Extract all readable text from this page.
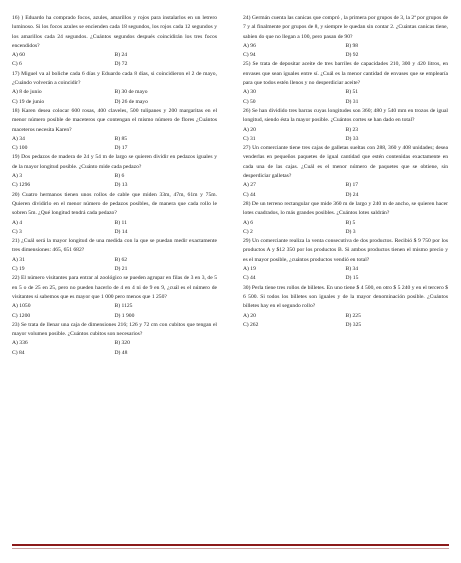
16) ) Eduardo ha comprado focos, azules, amarillos y rojos para instalarlos en un letrero luminoso. Si los focos azules se encienden cada 18 segundos, los rojos cada 12 segundos y los amarillos cada 24 segundos. ¿Cuántos segundos después coincidirán los tres focos encendidos?

A) 60	B) 24
C) 6	D) 72

17) Miguel va al boliche cada 6 días y Eduardo cada 8 días, si coincidieron el 2 de mayo, ¿Cuándo volverán a coincidir?

A) 8 de junio	B) 30 de mayo
C) 19 de junio	D) 26 de mayo

18) Karen desea colocar 600 rosas, 400 claveles, 500 tulipanes y 200 margaritas en el menor número posible de maceteros que contengan el mismo número de flores ¿Cuántos maceteros necesita Karen?

A) 34	B) 85
C) 100	D) 17

19) Dos pedazos de madera de 24 y 54 m de largo se quieren dividir en pedazos iguales y de la mayor longitud posible. ¿Cuánto mide cada pedazo?

A) 3	B) 6
C) 1296	D) 13

20) Cuatro hermanos tienen unos rollos de cable que miden 33m, 47m, 61m y 75m. Quieren dividirlo en el menor número de pedazos posibles, de manera que cada rollo le sobren 5m. ¿Qué longitud tendrá cada pedazo?

A) 4	B) 11
C) 3	D) 14

21) ¿Cuál será la mayor longitud de una medida con la que se puedan medir exactamente tres dimensiones: 465, 651 682?

A) 31	B) 62
C) 19	D) 21

22) El número visitantes para entrar al zoológico se pueden agrupar en filas de 3 en 3, de 5 en 5 o de 25 en 25, pero no pueden hacerlo de 4 en 4 ni de 9 en 9, ¿cuál es el número de visitantes si sabemos que es mayor que 1 000 pero menos que 1 250?

A) 1050	B) 1125
C) 1200	D) 1 900

23) Se trata de llenar una caja de dimensiones 216; 126 y 72 cm con cubitos que tengan el mayor volumen posible. ¿Cuántos cubitos son necesarios?

A) 336	B) 320
C) 84	D) 48

24) Germán cuenta las canicas que compró , la primera por grupos de 3, la 2ª por grupos de 7 y al finalmente por grupos de 8, y siempre le quedan sin contar 2. ¿Cuántas canicas tiene, sabien do que no llegan a 100, pero pasan de 90?

A) 96	B) 98
C) 94	D) 92

25) Se trata de depositar aceite de tres barriles de capacidades 210, 300 y 420 litros, en envases que sean iguales entre sí. ¿Cuál es la menor cantidad de envases que se emplearía para que todos estén llenos y no desperdiciar aceite?

A) 30	B) 51
C) 50	D) 31

26) Se han dividido tres barras cuyas longitudes son 360; 480 y 540 mm en trozos de igual longitud, siendo ésta la mayor posible. ¿Cuántos cortes se han dado en total?

A) 20	B) 23
C) 31	D) 33

27) Un comerciante tiene tres cajas de galletas sueltas con 288, 360 y 408 unidades; desea venderlas en pequeños paquetes de igual cantidad que estén contenidas exactamente en cada una de las cajas. ¿Cuál es el menor número de paquetes que se obtiene, sin desperdiciar galletas?

A) 27	B) 17
C) 44	D) 24

28) De un terreno rectangular que mide 360 m de largo y 240 m de ancho, se quieren hacer lotes cuadrados, lo más grandes posibles. ¿Cuántos lotes saldrán?

A) 6	B) 5
C) 2	D) 3

29) Un comerciante realiza la venta consecutiva de dos productos. Recibió $ 9 750 por los productos A y $12 350 por los productos B. Si ambos productos tienen el mismo precio y es el mayor posible, ¿cuántos productos vendió en total?

A) 19	B) 34
C) 44	D) 15

30) Perla tiene tres rollos de billetes. En uno tiene $ 4 500, en otro $ 5 240 y en el tercero $ 6 500. Si todos los billetes son iguales y de la mayor denominación posible. ¿Cuántos billetes hay en el segundo rollo?

A) 20	B) 225
C) 262	D) 325
